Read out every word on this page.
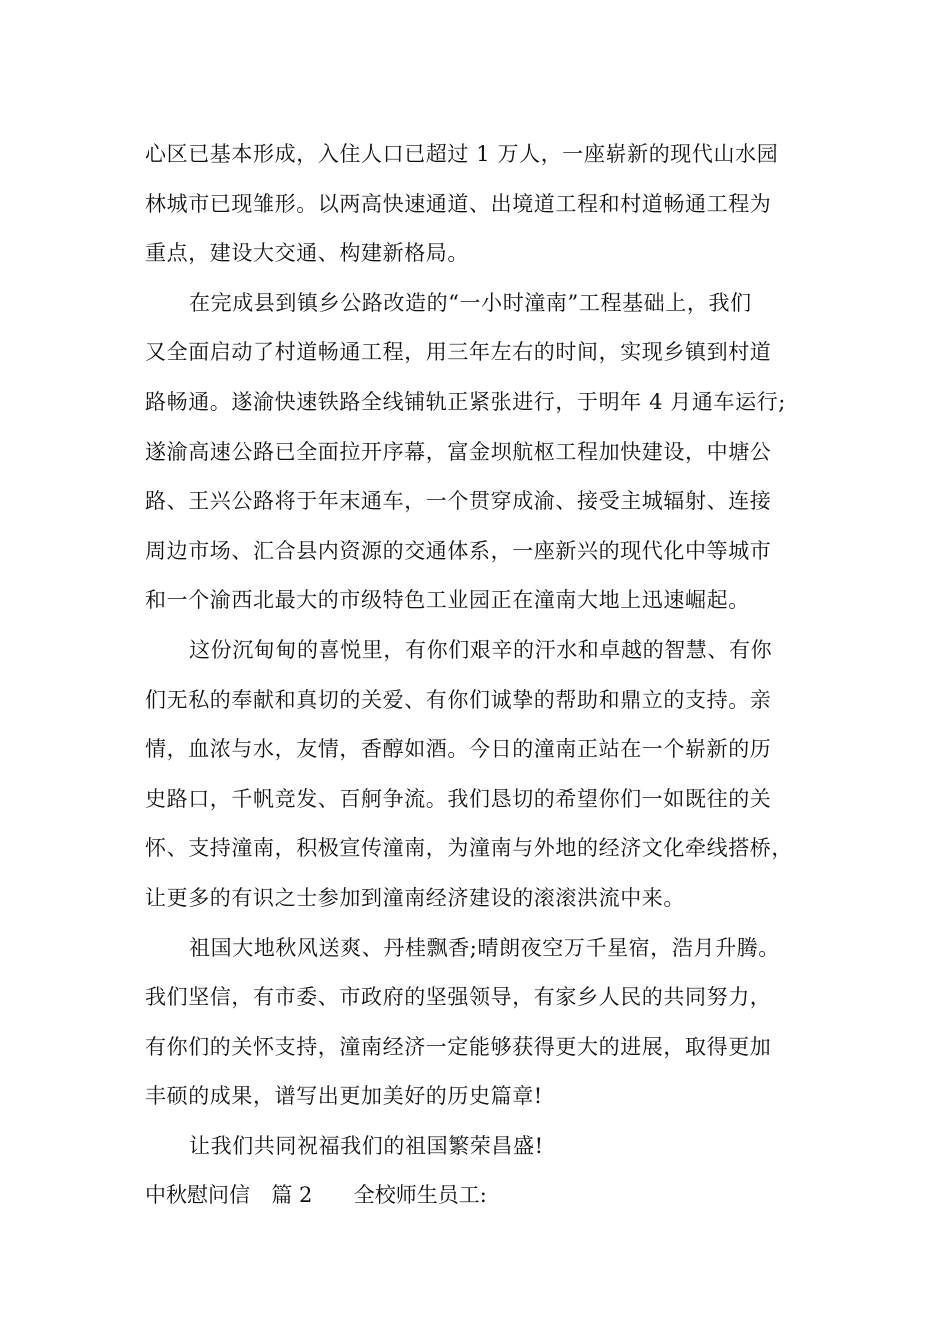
心区已基本形成，入住人口已超过 1 万人，一座崭新的现代山水园
林城市已现雏形。以两高快速通道、出境道工程和村道畅通工程为
重点，建设大交通、构建新格局。
在完成县到镇乡公路改造的“一小时潼南”工程基础上，我们
又全面启动了村道畅通工程，用三年左右的时间，实现乡镇到村道
路畅通。遂渝快速铁路全线铺轨正紧张进行，于明年 4 月通车运行;
遂渝高速公路已全面拉开序幕，富金坝航枢工程加快建设，中塘公
路、王兴公路将于年末通车，一个贯穿成渝、接受主城辐射、连接
周边市场、汇合县内资源的交通体系，一座新兴的现代化中等城市
和一个渝西北最大的市级特色工业园正在潼南大地上迅速崛起。
这份沉甸甸的喜悦里，有你们艰辛的汗水和卓越的智慧、有你
们无私的奉献和真切的关爱、有你们诚挚的帮助和鼎立的支持。亲
情，血浓与水，友情，香醇如酒。今日的潼南正站在一个崭新的历
史路口，千帆竞发、百舸争流。我们恳切的希望你们一如既往的关
怀、支持潼南，积极宣传潼南，为潼南与外地的经济文化牵线搭桥，
让更多的有识之士参加到潼南经济建设的滚滚洪流中来。
祖国大地秋风送爽、丹桂飘香;晴朗夜空万千星宿，浩月升腾。
我们坚信，有市委、市政府的坚强领导，有家乡人民的共同努力，
有你们的关怀支持，潼南经济一定能够获得更大的进展，取得更加
丰硕的成果，谱写出更加美好的历史篇章!
让我们共同祝福我们的祖国繁荣昌盛!
中秋慰问信 篇 2 全校师生员工:
